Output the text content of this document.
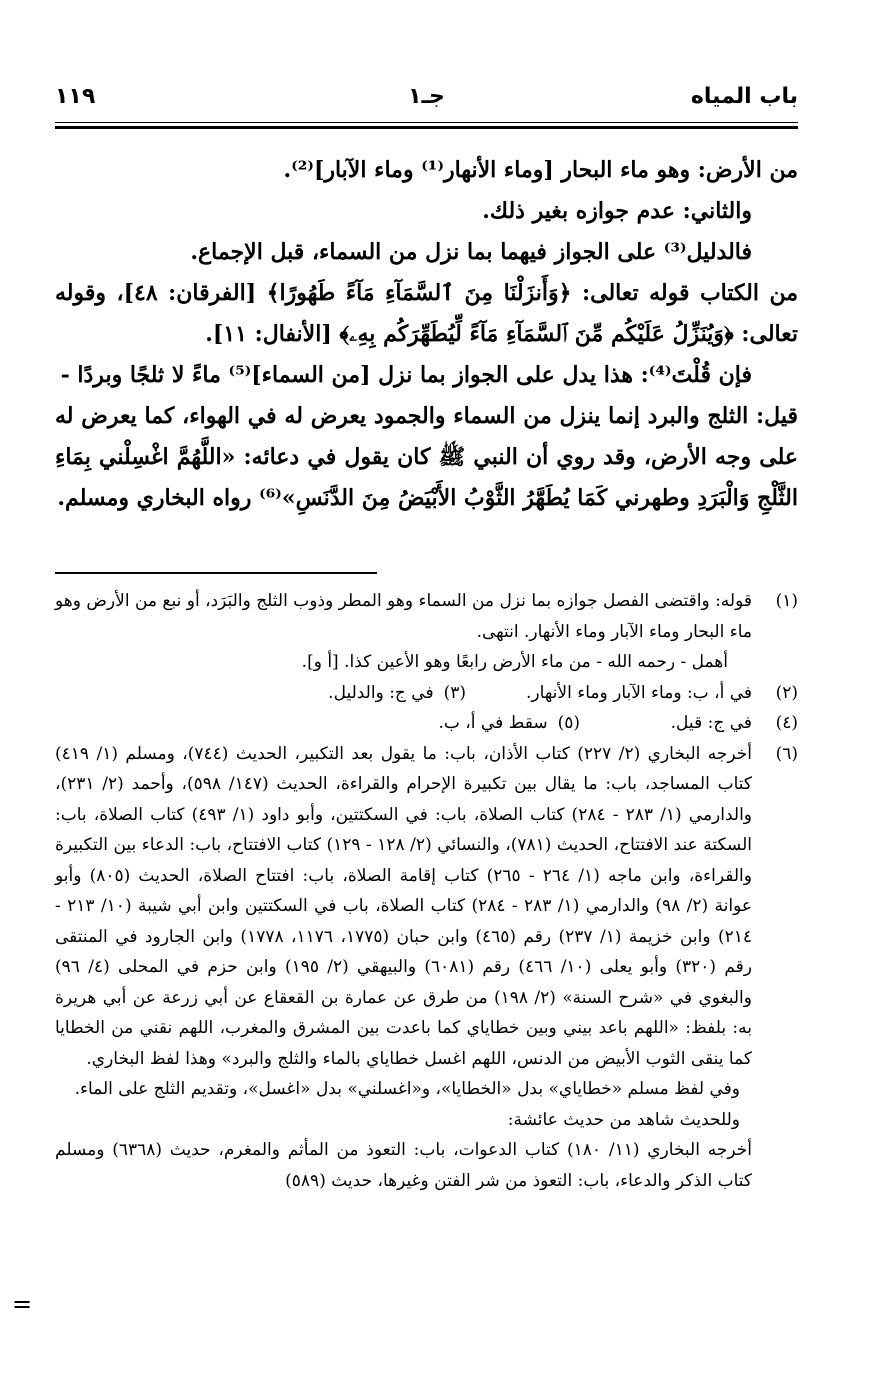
باب المياه
جـ١
١١٩

من الأرض: وهو ماء البحار [وماء الأنهار⁽¹⁾ وماء الآبار]⁽²⁾.

والثاني: عدم جوازه بغير ذلك.

فالدليل⁽³⁾ على الجواز فيهما بما نزل من السماء، قبل الإجماع.

من الكتاب قوله تعالى: ﴿وَأَنزَلْنَا مِنَ ٱلسَّمَآءِ مَآءً طَهُورًا﴾ [الفرقان: ٤٨]، وقوله تعالى: ﴿وَيُنَزِّلُ عَلَيْكُم مِّنَ ٱلسَّمَآءِ مَآءً لِّيُطَهِّرَكُم بِهِۦ﴾ [الأنفال: ١١].

فإن قُلْتَ⁽⁴⁾: هذا يدل على الجواز بما نزل [من السماء]⁽⁵⁾ ماءً لا ثلجًا وبردًا -

قيل: الثلج والبرد إنما ينزل من السماء والجمود يعرض له في الهواء، كما يعرض له على وجه الأرض، وقد روي أن النبي ﷺ كان يقول في دعائه: «اللَّهُمَّ اغْسِلْني بِمَاءِ الثَّلْجِ وَالْبَرَدِ وطهرني كَمَا يُطَهَّرُ الثَّوْبُ الأَبْيَضُ مِنَ الدَّنَسِ»⁽⁶⁾ رواه البخاري ومسلم.

(١)
قوله: واقتضى الفصل جوازه بما نزل من السماء وهو المطر وذوب الثلج والبَرَد، أو نبع من الأرض وهو ماء البحار وماء الآبار وماء الأنهار. انتهى.
أهمل - رحمه الله - من ماء الأرض رابعًا وهو الأعين كذا. [أ و].
(٢)
في أ، ب: وماء الآبار وماء الأنهار.
(٣)
في ج: والدليل.
(٤)
في ج: قيل.
(٥)
سقط في أ، ب.
(٦)
أخرجه البخاري (٢/ ٢٢٧) كتاب الأذان، باب: ما يقول بعد التكبير، الحديث (٧٤٤)، ومسلم (١/ ٤١٩) كتاب المساجد، باب: ما يقال بين تكبيرة الإحرام والقراءة، الحديث (١٤٧/ ٥٩٨)، وأحمد (٢/ ٢٣١)، والدارمي (١/ ٢٨٣ - ٢٨٤) كتاب الصلاة، باب: في السكتتين، وأبو داود (١/ ٤٩٣) كتاب الصلاة، باب: السكتة عند الافتتاح، الحديث (٧٨١)، والنسائي (٢/ ١٢٨ - ١٢٩) كتاب الافتتاح، باب: الدعاء بين التكبيرة والقراءة، وابن ماجه (١/ ٢٦٤ - ٢٦٥) كتاب إقامة الصلاة، باب: افتتاح الصلاة، الحديث (٨٠٥) وأبو عوانة (٢/ ٩٨) والدارمي (١/ ٢٨٣ - ٢٨٤) كتاب الصلاة، باب في السكتتين وابن أبي شيبة (١٠/ ٢١٣ - ٢١٤) وابن خزيمة (١/ ٢٣٧) رقم (٤٦٥) وابن حبان (١٧٧٥، ١١٧٦، ١٧٧٨) وابن الجارود في المنتقى رقم (٣٢٠) وأبو يعلى (١٠/ ٤٦٦) رقم (٦٠٨١) والبيهقي (٢/ ١٩٥) وابن حزم في المحلى (٤/ ٩٦) والبغوي في «شرح السنة» (٢/ ١٩٨) من طرق عن عمارة بن القعقاع عن أبي زرعة عن أبي هريرة به: بلفظ: «اللهم باعد بيني وبين خطاياي كما باعدت بين المشرق والمغرب، اللهم نقني من الخطايا كما ينقى الثوب الأبيض من الدنس، اللهم اغسل خطاياي بالماء والثلج والبرد» وهذا لفظ البخاري.
وفي لفظ مسلم «خطاياي» بدل «الخطايا»، و«اغسلني» بدل «اغسل»، وتقديم الثلج على الماء.
وللحديث شاهد من حديث عائشة:
أخرجه البخاري (١١/ ١٨٠) كتاب الدعوات، باب: التعوذ من المأثم والمغرم، حديث (٦٣٦٨) ومسلم كتاب الذكر والدعاء، باب: التعوذ من شر الفتن وغيرها، حديث (٥٨٩)
=
